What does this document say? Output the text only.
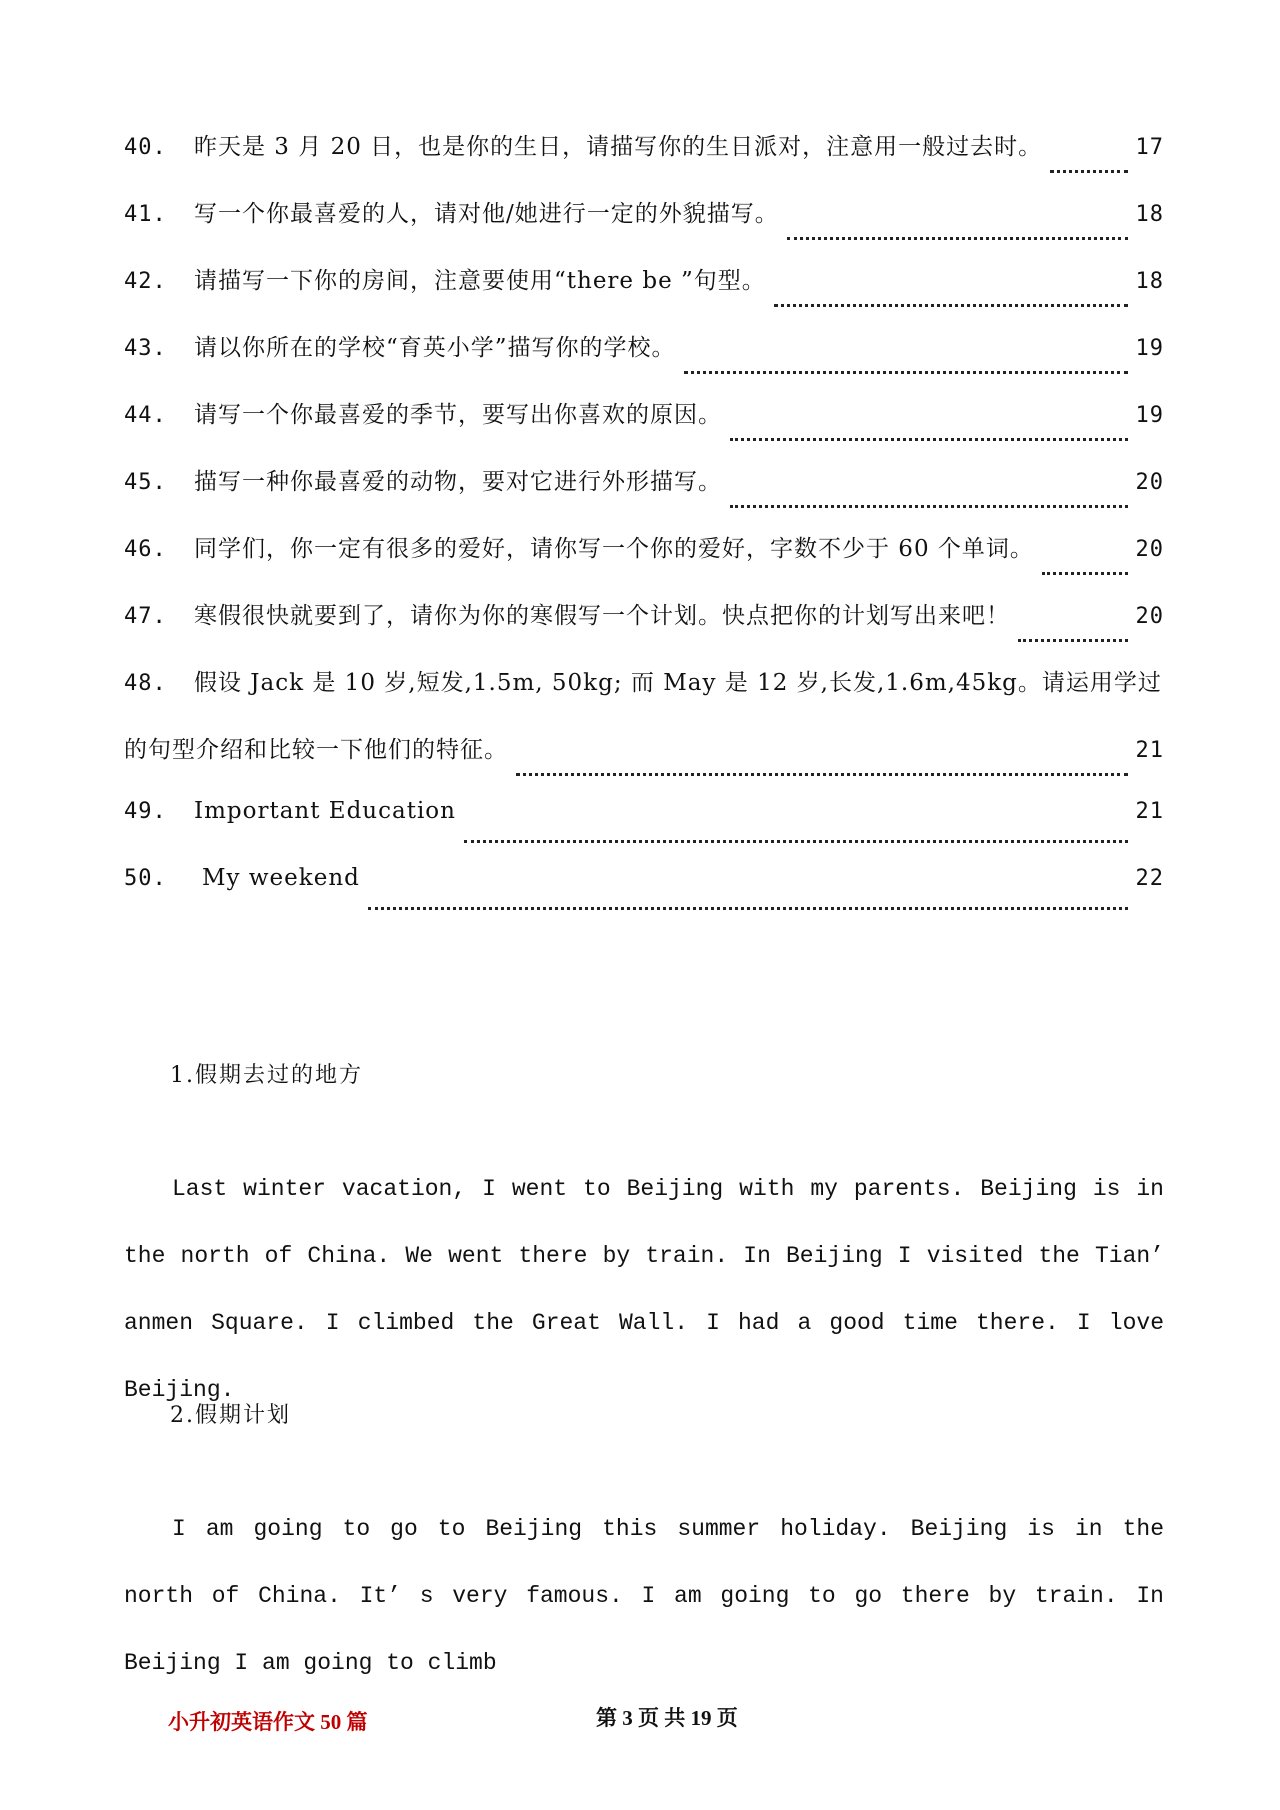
40.	昨天是 3 月 20 日，也是你的生日，请描写你的生日派对，注意用一般过去时。	17
41.	写一个你最喜爱的人，请对他/她进行一定的外貌描写。	18
42.	请描写一下你的房间，注意要使用“there be ”句型。	18
43.	请以你所在的学校“育英小学”描写你的学校。	19
44.	请写一个你最喜爱的季节，要写出你喜欢的原因。	19
45.	描写一种你最喜爱的动物，要对它进行外形描写。	20
46.	同学们，你一定有很多的爱好，请你写一个你的爱好，字数不少于 60 个单词。	20
47.	寒假很快就要到了，请你为你的寒假写一个计划。快点把你的计划写出来吧！	20
48.	假设 Jack 是 10 岁,短发,1.5m, 50kg; 而 May 是 12 岁,长发,1.6m,45kg。请运用学过
的句型介绍和比较一下他们的特征。	21
49.	Important Education	21
50.	My weekend	22
1.假期去过的地方
Last winter vacation, I went to Beijing with my parents. Beijing is in the north of China. We went there by train. In Beijing I visited the Tian’ anmen Square. I climbed the Great Wall. I had a good time there. I love Beijing.
2.假期计划
I am going to go to Beijing this summer holiday. Beijing is in the north of China. It’ s very famous. I am going to go there by train. In Beijing I am going to climb
小升初英语作文 50 篇	第 3 页 共 19 页
